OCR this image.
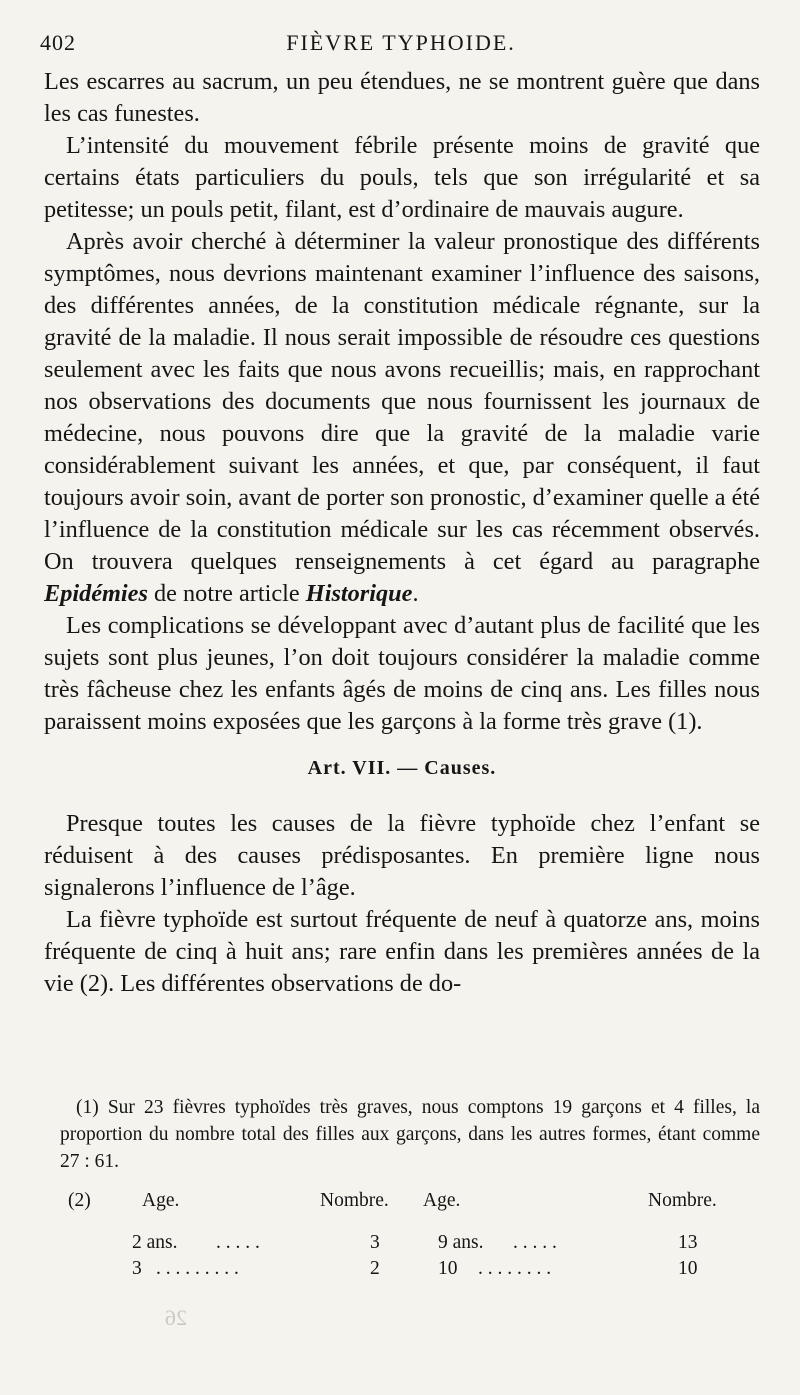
402	FIÈVRE TYPHOIDE.

Les escarres au sacrum, un peu étendues, ne se montrent guère que dans les cas funestes.

L’intensité du mouvement fébrile présente moins de gravité que certains états particuliers du pouls, tels que son irrégularité et sa petitesse; un pouls petit, filant, est d’ordinaire de mauvais augure.

Après avoir cherché à déterminer la valeur pronostique des différents symptômes, nous devrions maintenant examiner l’influence des saisons, des différentes années, de la constitution médicale régnante, sur la gravité de la maladie. Il nous serait impossible de résoudre ces questions seulement avec les faits que nous avons recueillis; mais, en rapprochant nos observations des documents que nous fournissent les journaux de médecine, nous pouvons dire que la gravité de la maladie varie considérablement suivant les années, et que, par conséquent, il faut toujours avoir soin, avant de porter son pronostic, d’examiner quelle a été l’influence de la constitution médicale sur les cas récemment observés. On trouvera quelques renseignements à cet égard au paragraphe Epidémies de notre article Historique.

Les complications se développant avec d’autant plus de facilité que les sujets sont plus jeunes, l’on doit toujours considérer la maladie comme très fâcheuse chez les enfants âgés de moins de cinq ans. Les filles nous paraissent moins exposées que les garçons à la forme très grave (1).

Art. VII. — Causes.

Presque toutes les causes de la fièvre typhoïde chez l’enfant se réduisent à des causes prédisposantes. En première ligne nous signalerons l’influence de l’âge.

La fièvre typhoïde est surtout fréquente de neuf à quatorze ans, moins fréquente de cinq à huit ans; rare enfin dans les premières années de la vie (2). Les différentes observations de do-

(1) Sur 23 fièvres typhoïdes très graves, nous comptons 19 garçons et 4 filles, la proportion du nombre total des filles aux garçons, dans les autres formes, étant comme 27 : 61.

(2)	Age.	Nombre. Age.	Nombre.
2 ans. . . . . .	3	9 ans. . . . . .	13
3 . . . . . . . . .	2	10 . . . . . . . .	10
26
